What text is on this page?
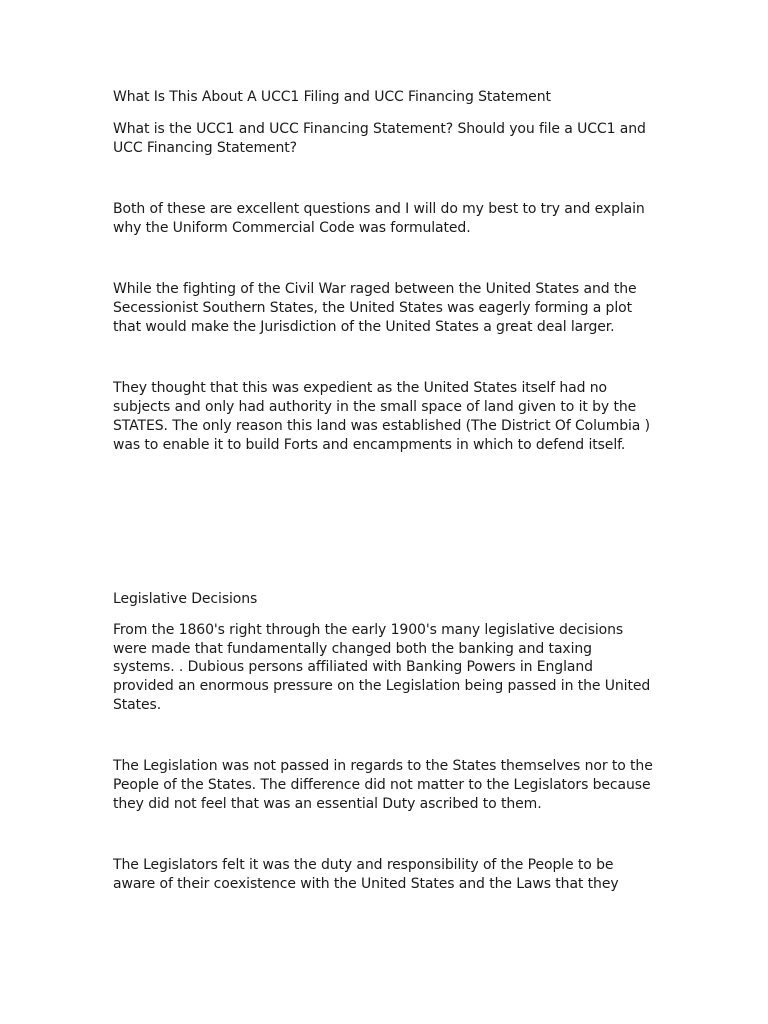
What Is This About A UCC1 Filing and UCC Financing Statement
What is the UCC1 and UCC Financing Statement? Should you file a UCC1 and
UCC Financing Statement?
Both of these are excellent questions and I will do my best to try and explain
why the Uniform Commercial Code was formulated.
While the fighting of the Civil War raged between the United States and the
Secessionist Southern States, the United States was eagerly forming a plot
that would make the Jurisdiction of the United States a great deal larger.
They thought that this was expedient as the United States itself had no
subjects and only had authority in the small space of land given to it by the
STATES. The only reason this land was established (The District Of Columbia )
was to enable it to build Forts and encampments in which to defend itself.
Legislative Decisions
From the 1860's right through the early 1900's many legislative decisions
were made that fundamentally changed both the banking and taxing
systems. . Dubious persons affiliated with Banking Powers in England
provided an enormous pressure on the Legislation being passed in the United
States.
The Legislation was not passed in regards to the States themselves nor to the
People of the States. The difference did not matter to the Legislators because
they did not feel that was an essential Duty ascribed to them.
The Legislators felt it was the duty and responsibility of the People to be
aware of their coexistence with the United States and the Laws that they
